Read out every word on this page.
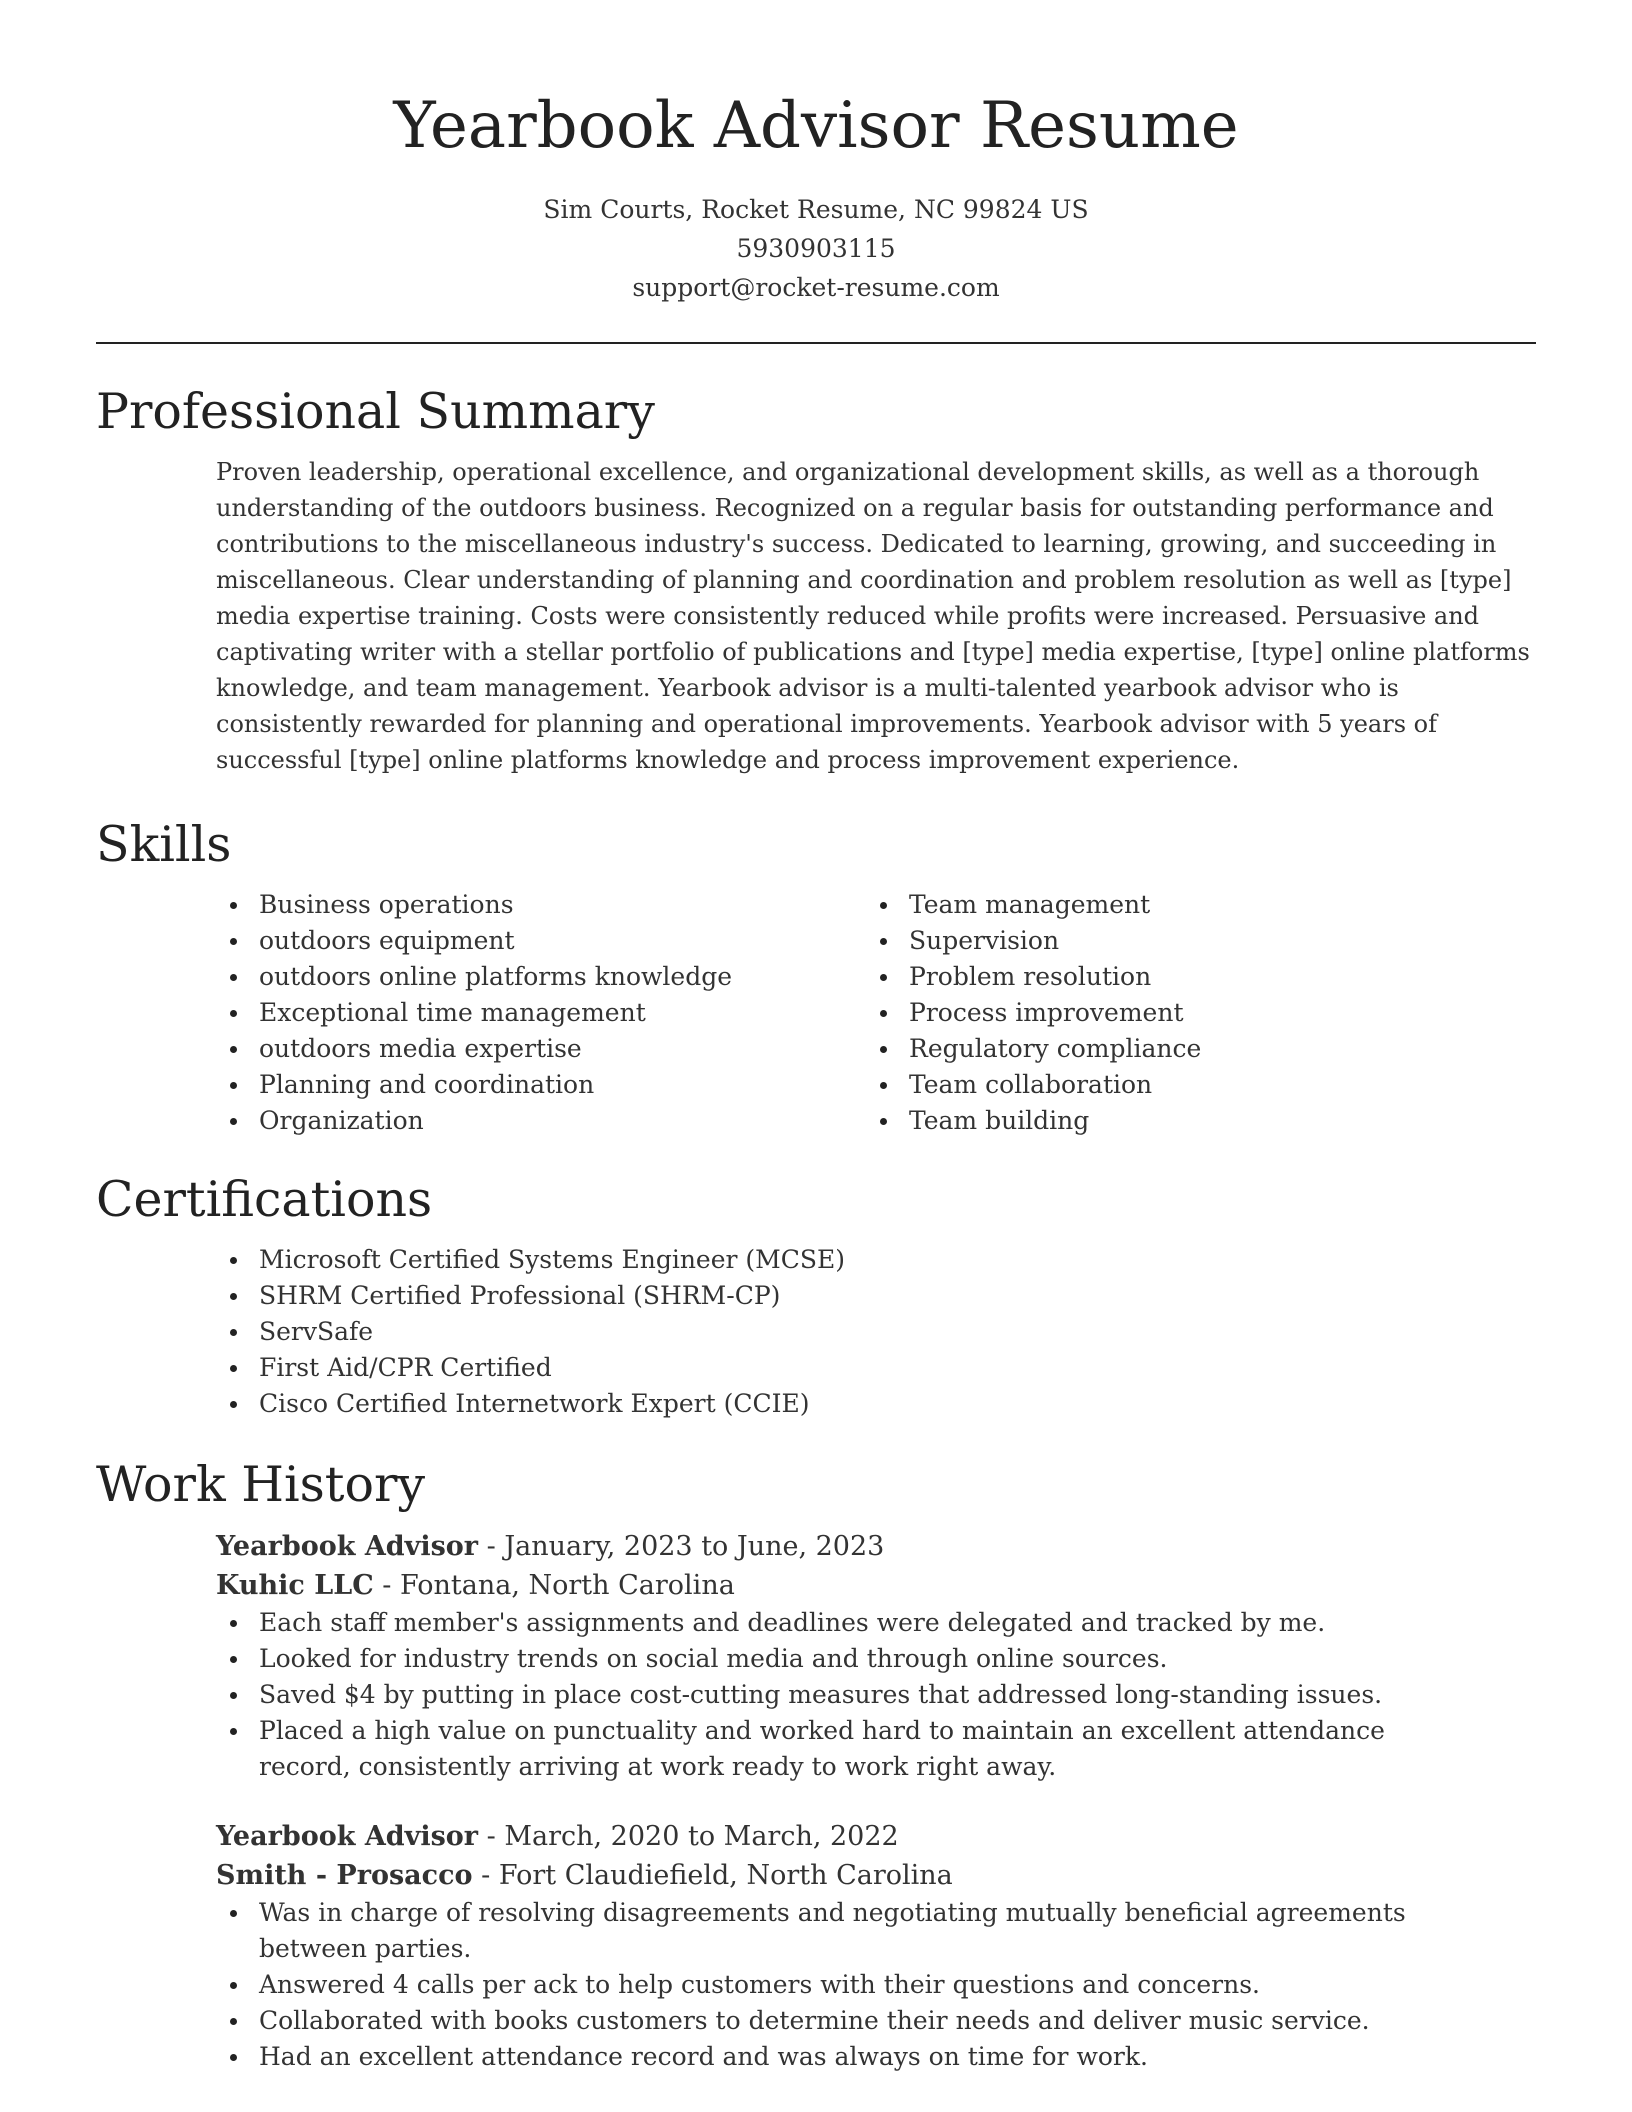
Yearbook Advisor Resume
Sim Courts, Rocket Resume, NC 99824 US
5930903115
support@rocket-resume.com
Professional Summary

Proven leadership, operational excellence, and organizational development skills, as well as a thorough understanding of the outdoors business. Recognized on a regular basis for outstanding performance and contributions to the miscellaneous industry's success. Dedicated to learning, growing, and succeeding in miscellaneous. Clear understanding of planning and coordination and problem resolution as well as [type] media expertise training. Costs were consistently reduced while profits were increased. Persuasive and captivating writer with a stellar portfolio of publications and [type] media expertise, [type] online platforms knowledge, and team management. Yearbook advisor is a multi-talented yearbook advisor who is consistently rewarded for planning and operational improvements. Yearbook advisor with 5 years of successful [type] online platforms knowledge and process improvement experience.

Skills
Business operations
outdoors equipment
outdoors online platforms knowledge
Exceptional time management
outdoors media expertise
Planning and coordination
Organization
Team management
Supervision
Problem resolution
Process improvement
Regulatory compliance
Team collaboration
Team building
Certifications
Microsoft Certified Systems Engineer (MCSE)
SHRM Certified Professional (SHRM-CP)
ServSafe
First Aid/CPR Certified
Cisco Certified Internetwork Expert (CCIE)
Work History
Yearbook Advisor - January, 2023 to June, 2023
Kuhic LLC - Fontana, North Carolina
Each staff member's assignments and deadlines were delegated and tracked by me.
Looked for industry trends on social media and through online sources.
Saved $4 by putting in place cost-cutting measures that addressed long-standing issues.
Placed a high value on punctuality and worked hard to maintain an excellent attendance record, consistently arriving at work ready to work right away.
Yearbook Advisor - March, 2020 to March, 2022
Smith - Prosacco - Fort Claudiefield, North Carolina
Was in charge of resolving disagreements and negotiating mutually beneficial agreements between parties.
Answered 4 calls per ack to help customers with their questions and concerns.
Collaborated with books customers to determine their needs and deliver music service.
Had an excellent attendance record and was always on time for work.
